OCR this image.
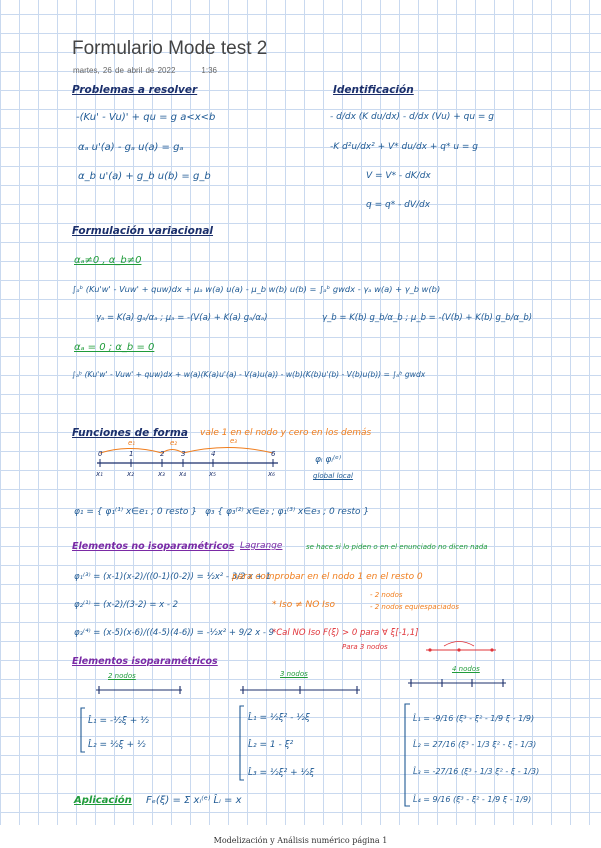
Formulario Mode test 2
martes, 26 de abril de 2022	1:36
Problemas a resolver
-(Ku' - Vu)' + qu = g a<x<b
αₐ u'(a) - gₐ u(a) = gₐ
α_b u'(a) + g_b u(b) = g_b
Identificación
- d/dx (K du/dx) - d/dx (Vu) + qu = g
-K d²u/dx² + V* du/dx + q* u = g
V = V* - dK/dx
q = q* - dV/dx
Formulación variacional
αₐ≠0 , α_b≠0
∫ₐᵇ (Ku'w' - Vuw' + quw)dx + μₐ w(a) u(a) - μ_b w(b) u(b) = ∫ₐᵇ gwdx - γₐ w(a) + γ_b w(b)
γₐ = K(a) gₐ/αₐ ; μₐ = -(V(a) + K(a) gₐ/αₐ)	γ_b = K(b) g_b/α_b ; μ_b = -(V(b) + K(b) g_b/α_b)
αₐ = 0 ; α_b = 0
∫ₐᵇ (Ku'w' - Vuw' + quw)dx + w(a)(K(a)u'(a) - V(a)u(a)) - w(b)(K(b)u'(b) - V(b)u(b)) = ∫ₐᵇ gwdx
Funciones de forma vale 1 en el nodo y cero en los demás
e₁	e₂	e₃
0	1	2 3	4	6
x₁	x₂	x₃ x₄	x₅	x₆
φᵢ φᵢ⁽ᵉ⁾
global local
φ₁ = { φ₁⁽¹⁾ x∈e₁ ; 0 resto } φ₃ { φ₃⁽²⁾ x∈e₂ ; φ₁⁽³⁾ x∈e₃ ; 0 resto }
Elementos no isoparamétricos Lagrange	se hace si lo piden o en el enunciado no dicen nada
φ₁⁽³⁾ = (x-1)(x-2)/((0-1)(0-2)) = ½x² - 3/2 x + 1
para comprobar en el nodo 1 en el resto 0
φ₂⁽¹⁾ = (x-2)/(3-2) = x - 2	* Iso ≠ NO Iso
- 2 nodos
- 2 nodos equiespaciados
φ₃⁽⁴⁾ = (x-5)(x-6)/((4-5)(4-6)) = -½x² + 9/2 x - 9
*Cal NO Iso F(ξ) > 0 para ∀ ξ[-1,1]
Para 3 nodos
Elementos isoparamétricos
2 nodos	3 nodos
4 nodos
L̂₁ = -½ξ + ½
L̂₂ = ½ξ + ½
L̂₁ = ½ξ² - ½ξ
L̂₂ = 1 - ξ²
L̂₃ = ½ξ² + ½ξ
L̂₁ = -9/16 (ξ³ - ξ² - 1/9 ξ - 1/9)
L̂₂ = 27/16 (ξ³ - 1/3 ξ² - ξ - 1/3)
L̂₃ = -27/16 (ξ³ - 1/3 ξ² - ξ - 1/3)
L̂₄ = 9/16 (ξ³ - ξ² - 1/9 ξ - 1/9)
Aplicación Fₑ(ξ) = Σ xᵢ⁽ᵉ⁾ L̂ᵢ = x
Modelización y Análisis numérico página 1
